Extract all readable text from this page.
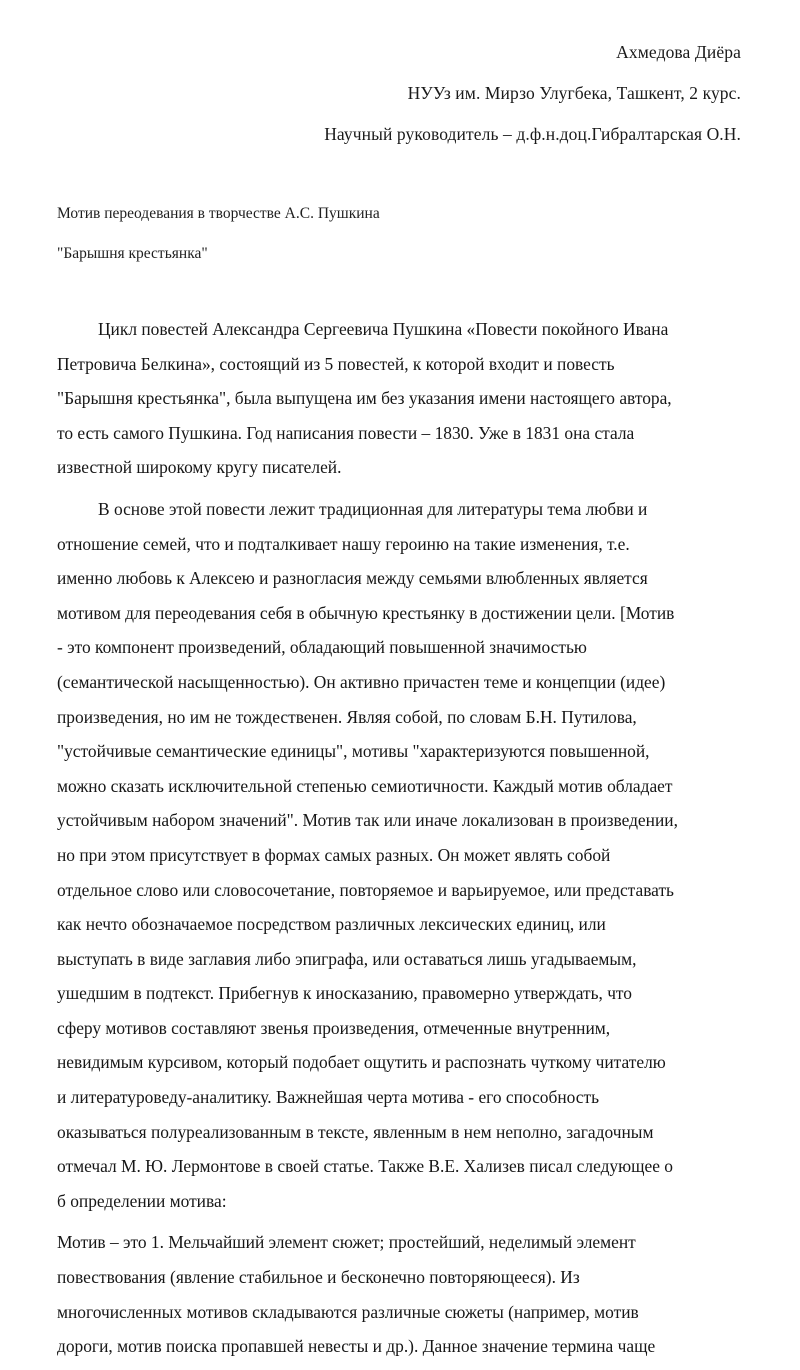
Ахмедова Диёра
НУУз им. Мирзо Улугбека, Ташкент, 2 курс.
Научный руководитель – д.ф.н.доц.Гибралтарская О.Н.
Мотив переодевания в творчестве А.С. Пушкина
"Барышня крестьянка"

Цикл повестей Александра Сергеевича Пушкина «Повести покойного Ивана
Петровича Белкина», состоящий из 5 повестей, к которой входит и повесть
"Барышня крестьянка", была выпущена им без указания имени настоящего автора,
то есть самого Пушкина. Год написания повести – 1830. Уже в 1831 она стала
известной широкому кругу писателей.

В основе этой повести лежит традиционная для литературы тема любви и
отношение семей, что и подталкивает нашу героиню на такие изменения, т.е.
именно любовь к Алексею и разногласия между семьями влюбленных является
мотивом для переодевания себя в обычную крестьянку в достижении цели. [Мотив
- это компонент произведений, обладающий повышенной значимостью
(семантической насыщенностью). Он активно причастен теме и концепции (идее)
произведения, но им не тождественен. Являя собой, по словам Б.Н. Путилова,
"устойчивые семантические единицы", мотивы "характеризуются повышенной,
можно сказать исключительной степенью семиотичности. Каждый мотив обладает
устойчивым набором значений". Мотив так или иначе локализован в произведении,
но при этом присутствует в формах самых разных. Он может являть собой
отдельное слово или словосочетание, повторяемое и варьируемое, или представать
как нечто обозначаемое посредством различных лексических единиц, или
выступать в виде заглавия либо эпиграфа, или оставаться лишь угадываемым,
ушедшим в подтекст. Прибегнув к иносказанию, правомерно утверждать, что
сферу мотивов составляют звенья произведения, отмеченные внутренним,
невидимым курсивом, который подобает ощутить и распознать чуткому читателю
и литературоведу-аналитику. Важнейшая черта мотива - его способность
оказываться полуреализованным в тексте, явленным в нем неполно, загадочным
отмечал М. Ю. Лермонтове в своей статье. Также В.Е. Хализев писал следующее о
б определении мотива:

Мотив – это 1. Мельчайший элемент сюжет; простейший, неделимый элемент
повествования (явление стабильное и бесконечно повторяющееся). Из
многочисленных мотивов складываются различные сюжеты (например, мотив
дороги, мотив поиска пропавшей невесты и др.). Данное значение термина чаще
